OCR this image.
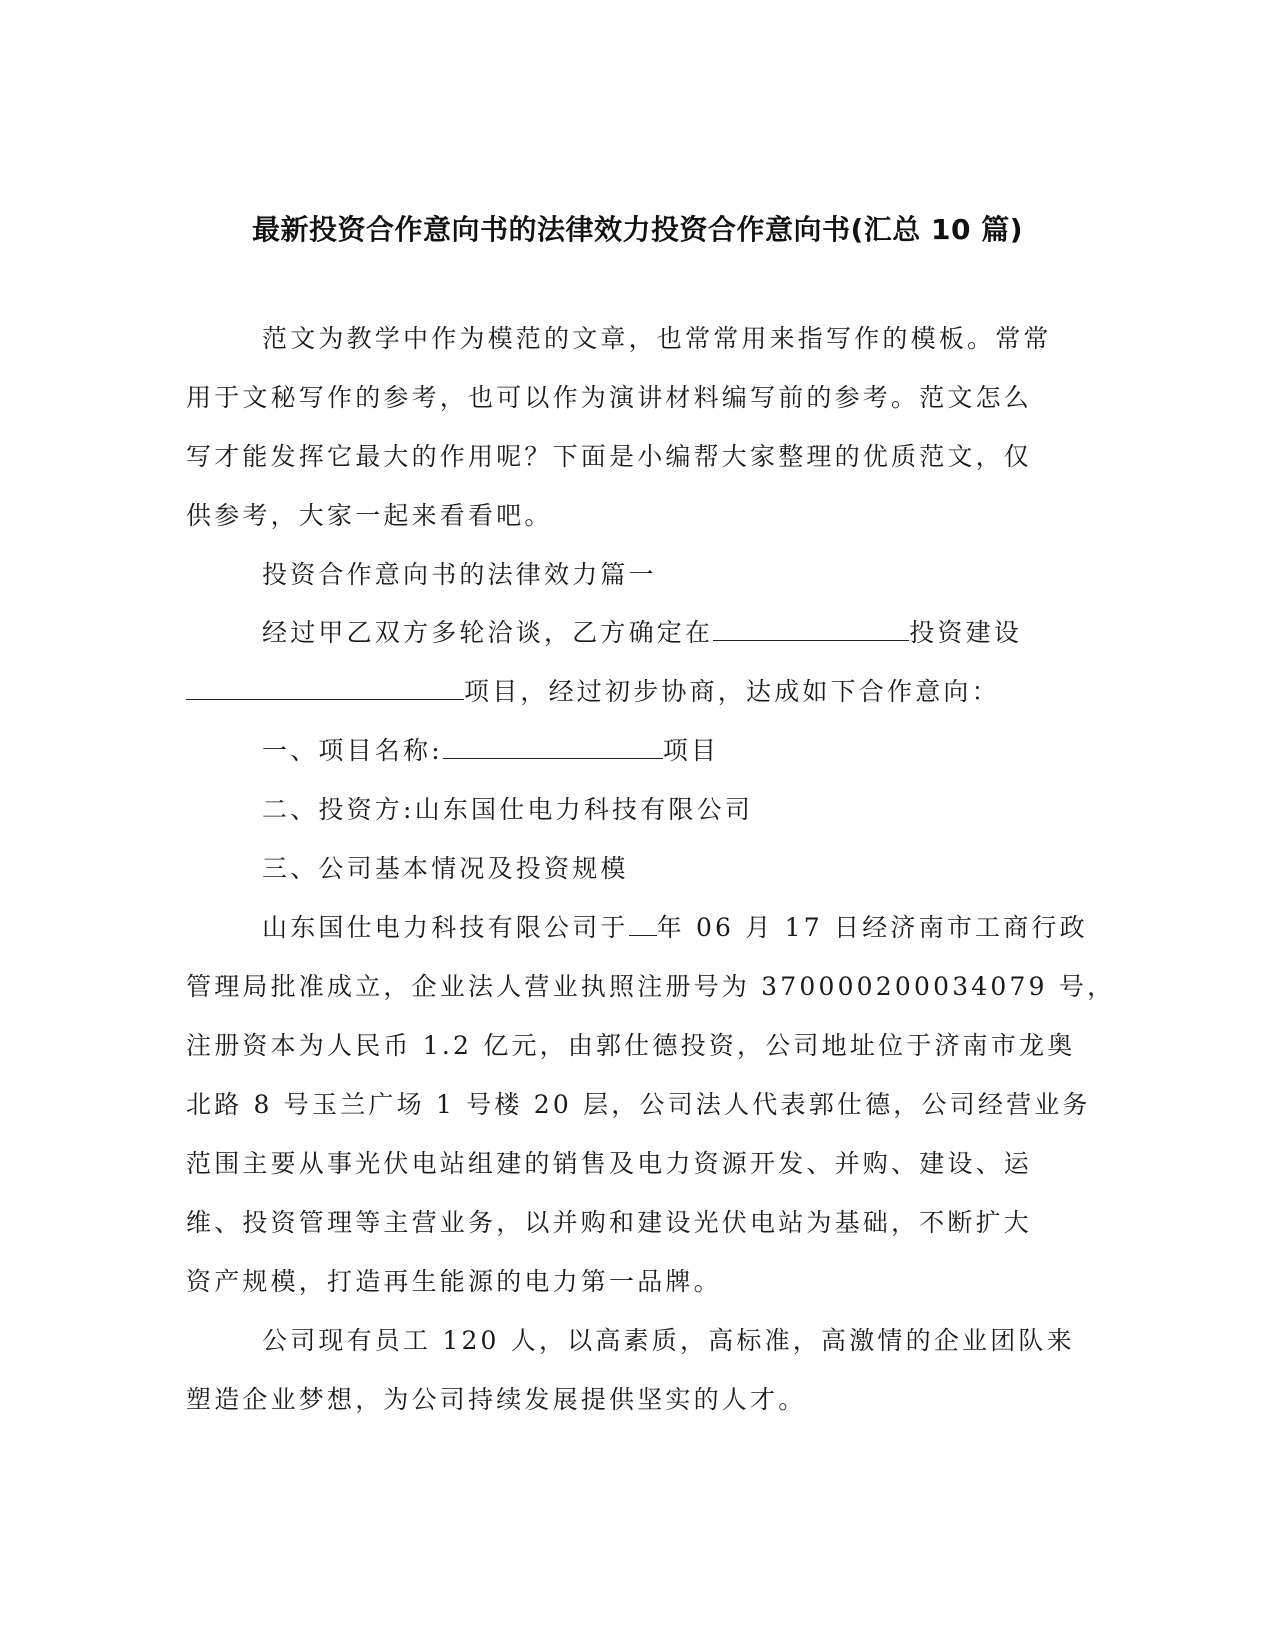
最新投资合作意向书的法律效力投资合作意向书(汇总 10 篇)
范文为教学中作为模范的文章，也常常用来指写作的模板。常常
用于文秘写作的参考，也可以作为演讲材料编写前的参考。范文怎么
写才能发挥它最大的作用呢？下面是小编帮大家整理的优质范文，仅
供参考，大家一起来看看吧。
投资合作意向书的法律效力篇一
经过甲乙双方多轮洽谈，乙方确定在	投资建设
项目，经过初步协商，达成如下合作意向：
一、项目名称:	项目
二、投资方:山东国仕电力科技有限公司
三、公司基本情况及投资规模
山东国仕电力科技有限公司于 年 06 月 17 日经济南市工商行政
管理局批准成立，企业法人营业执照注册号为 370000200034079 号，
注册资本为人民币 1.2 亿元，由郭仕德投资，公司地址位于济南市龙奥
北路 8 号玉兰广场 1 号楼 20 层，公司法人代表郭仕德，公司经营业务
范围主要从事光伏电站组建的销售及电力资源开发、并购、建设、运
维、投资管理等主营业务，以并购和建设光伏电站为基础，不断扩大
资产规模，打造再生能源的电力第一品牌。
公司现有员工 120 人，以高素质，高标准，高激情的企业团队来
塑造企业梦想，为公司持续发展提供坚实的人才。
